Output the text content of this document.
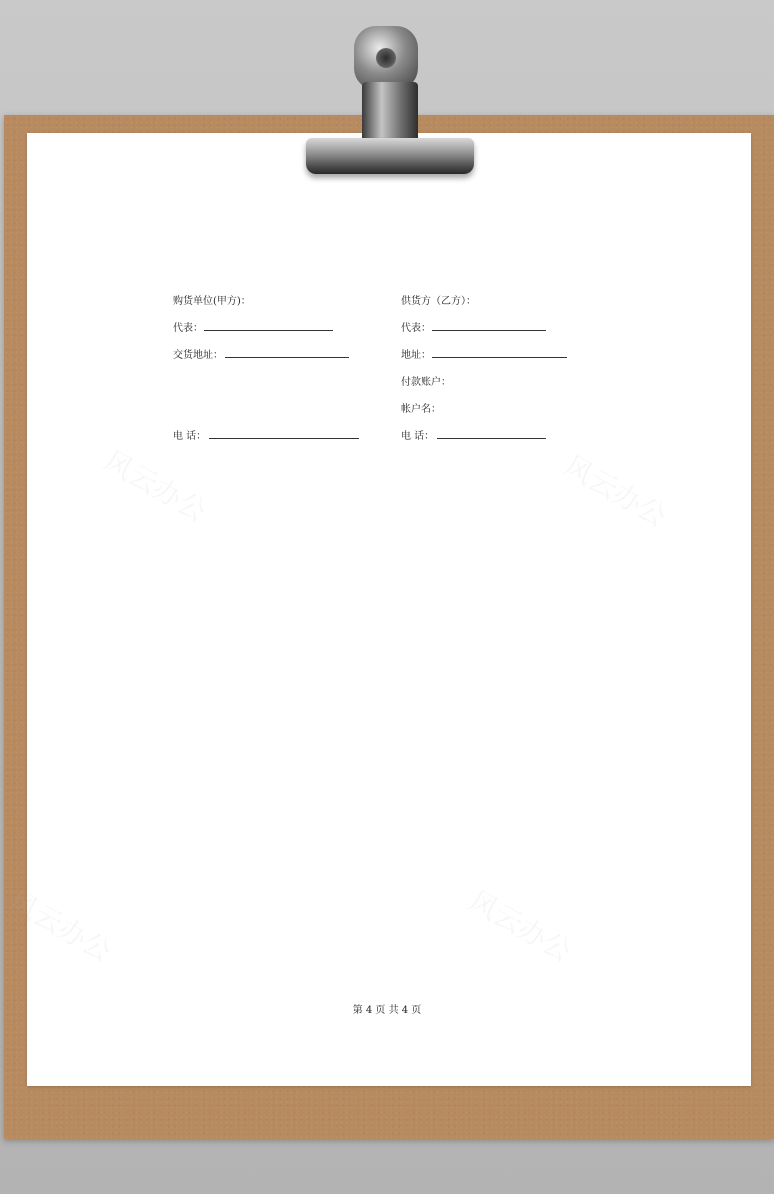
风云办公	风云办公
风云办公	风云办公
购货单位(甲方)：
代表：
交货地址：
电 话：
供货方（乙方）：
代表：
地址：
付款账户：
帐户名：
电 话：
第 4 页 共 4 页
